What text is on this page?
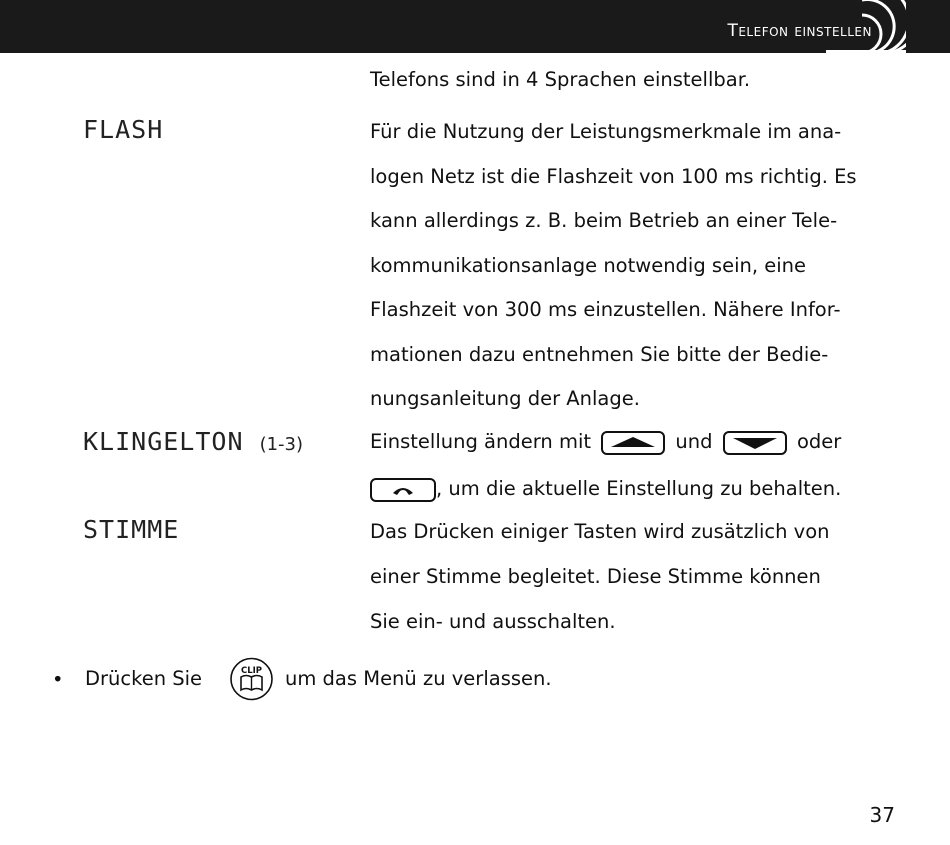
Telefon einstellen
Telefons sind in 4 Sprachen einstellbar.
FLASH	Für die Nutzung der Leistungsmerkmale im ana-
logen Netz ist die Flashzeit von 100 ms richtig. Es
kann allerdings z. B. beim Betrieb an einer Tele-
kommunikationsanlage notwendig sein, eine
Flashzeit von 300 ms einzustellen. Nähere Infor-
mationen dazu entnehmen Sie bitte der Bedie-
nungsanleitung der Anlage.
KLINGELTON (1-3)	Einstellung ändern mit	und	oder
, um die aktuelle Einstellung zu behalten.
STIMME	Das Drücken einiger Tasten wird zusätzlich von
einer Stimme begleitet. Diese Stimme können
Sie ein- und ausschalten.
• Drücken Sie	CLIP um das Menü zu verlassen.
37
